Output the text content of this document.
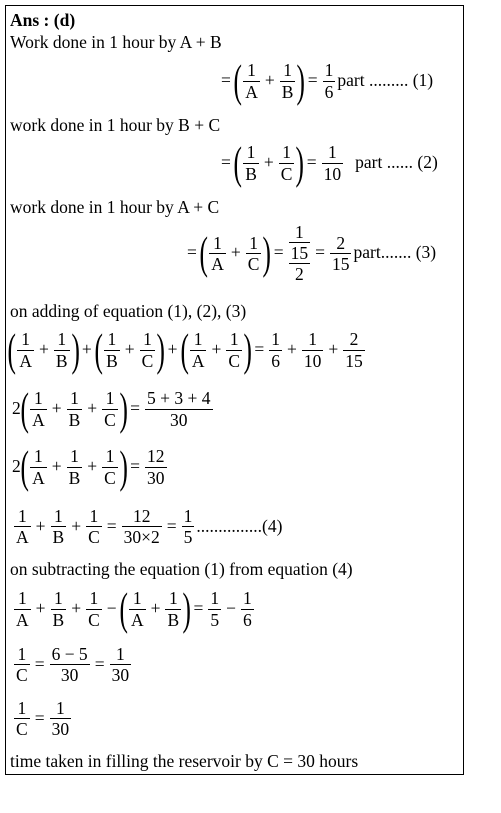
Ans : (d)
Work done in 1 hour by A + B
= ( $\frac{1}{A} + \frac{1}{B}$ ) = $\frac{1}{6}$ part ......... (1)
work done in 1 hour by B + C
= ( $\frac{1}{B} + \frac{1}{C}$ ) = $\frac{1}{10}$ part ...... (2)
work done in 1 hour by A + C
= ( $\frac{1}{A} + \frac{1}{C}$ ) = $\frac{1}{\frac{15}{2}} = \frac{2}{15}$ part....... (3)
on adding of equation (1), (2), (3)
( $\frac{1}{A} + \frac{1}{B}$ ) + ( $\frac{1}{B} + \frac{1}{C}$ ) + ( $\frac{1}{A} + \frac{1}{C}$ ) = $\frac{1}{6} + \frac{1}{10} + \frac{2}{15}$
2 ( $\frac{1}{A} + \frac{1}{B} + \frac{1}{C}$ ) = $\frac{5 + 3 + 4}{30}$
2 ( $\frac{1}{A} + \frac{1}{B} + \frac{1}{C}$ ) = $\frac{12}{30}$
$\frac{1}{A} + \frac{1}{B} + \frac{1}{C} = \frac{12}{30\times 2} = \frac{1}{5} ...............(4)$
on subtracting the equation (1) from equation (4)
$\frac{1}{A} + \frac{1}{B} + \frac{1}{C}$ − ( $\frac{1}{A} + \frac{1}{B}$ ) = $\frac{1}{5} - \frac{1}{6}$
$\frac{1}{C} = \frac{6 - 5}{30} = \frac{1}{30}$
$\frac{1}{C} = \frac{1}{30}$
time taken in filling the reservoir by C = 30 hours
